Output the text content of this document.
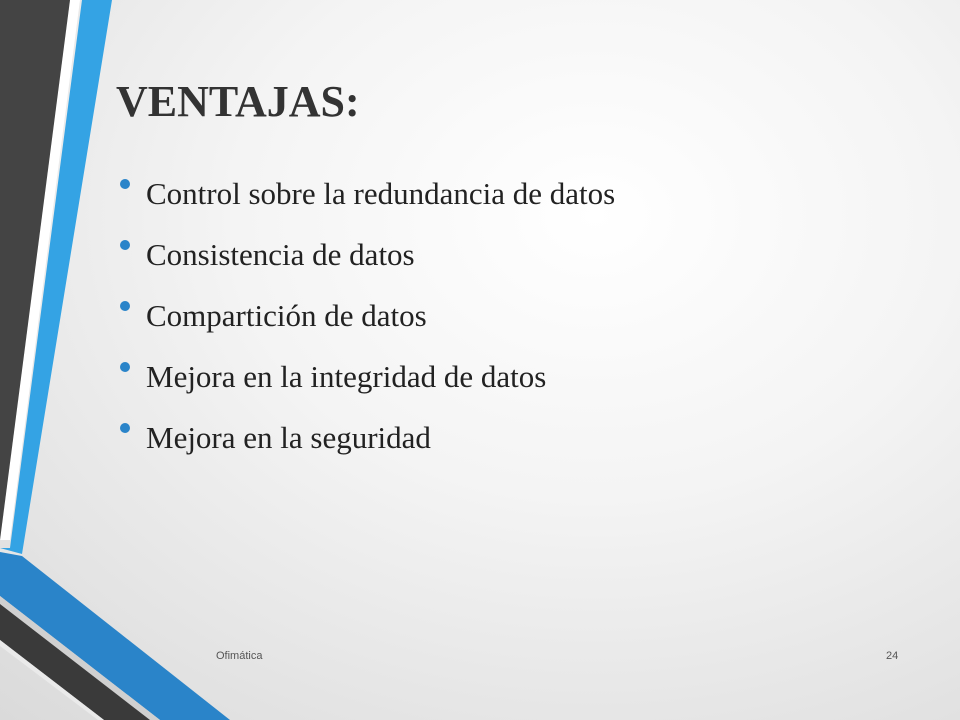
VENTAJAS:
Control sobre la redundancia de datos
Consistencia de datos
Compartición de datos
Mejora en la integridad de datos
Mejora en la seguridad
Ofimática	24
